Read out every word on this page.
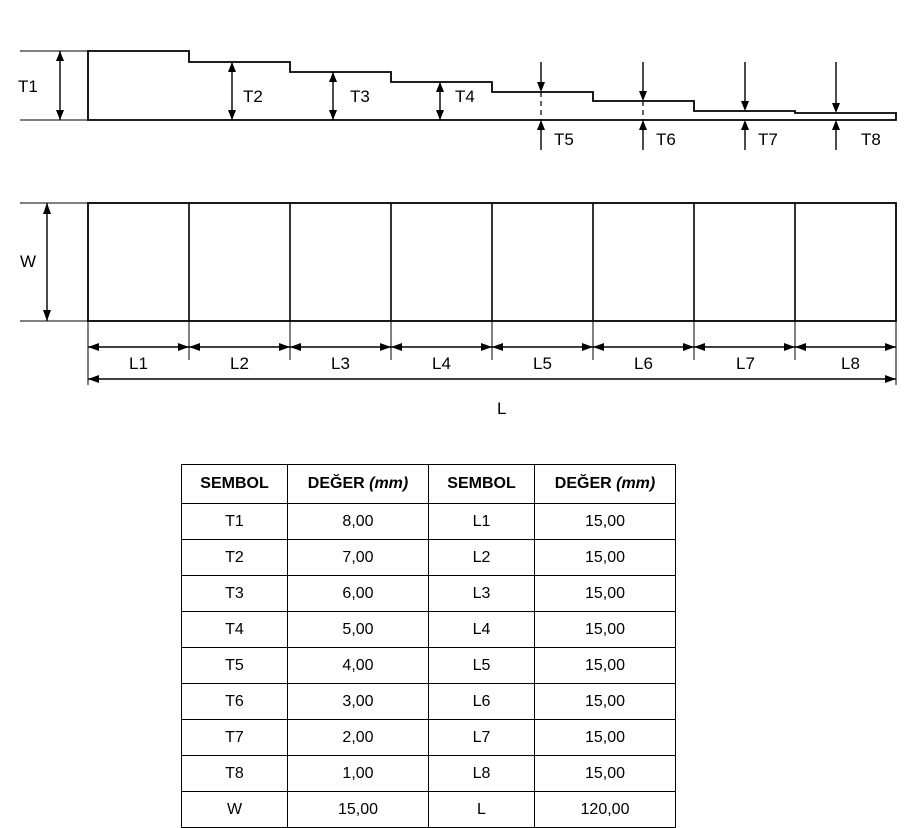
T1
T2	T3	T4
T5	T6	T7	T8
W
L1	L2	L3	L4	L5	L6	L7	L8
L
SEMBOL	DEĞER (mm)	SEMBOL	DEĞER (mm)
T1	8,00	L1	15,00
T2	7,00	L2	15,00
T3	6,00	L3	15,00
T4	5,00	L4	15,00
T5	4,00	L5	15,00
T6	3,00	L6	15,00
T7	2,00	L7	15,00
T8	1,00	L8	15,00
W	15,00	L	120,00
